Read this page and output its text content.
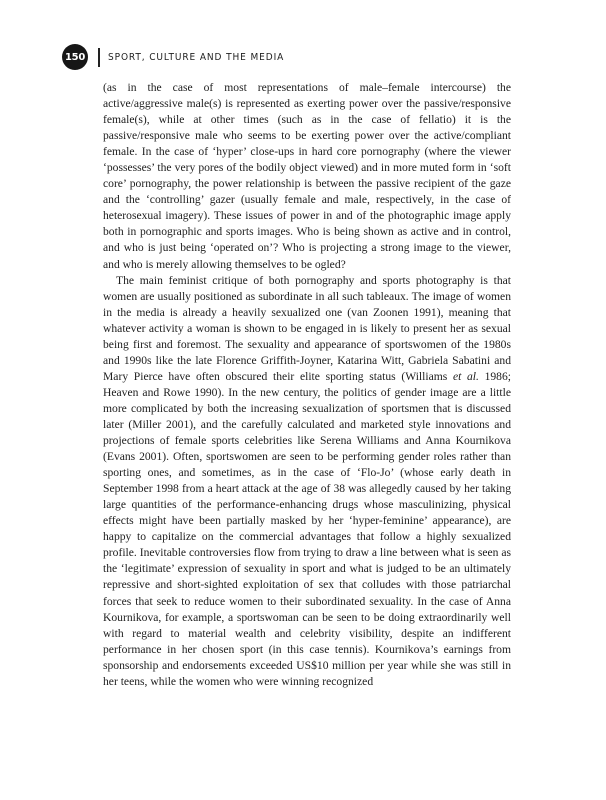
150	SPORT, CULTURE AND THE MEDIA

(as in the case of most representations of male–female intercourse) the active/aggressive male(s) is represented as exerting power over the passive/responsive female(s), while at other times (such as in the case of fellatio) it is the passive/responsive male who seems to be exerting power over the active/compliant female. In the case of ‘hyper’ close-ups in hard core pornography (where the viewer ‘possesses’ the very pores of the bodily object viewed) and in more muted form in ‘soft core’ pornography, the power relationship is between the passive recipient of the gaze and the ‘controlling’ gazer (usually female and male, respectively, in the case of heterosexual imagery). These issues of power in and of the photographic image apply both in pornographic and sports images. Who is being shown as active and in control, and who is just being ‘operated on’? Who is projecting a strong image to the viewer, and who is merely allowing themselves to be ogled?

The main feminist critique of both pornography and sports photography is that women are usually positioned as subordinate in all such tableaux. The image of women in the media is already a heavily sexualized one (van Zoonen 1991), meaning that whatever activity a woman is shown to be engaged in is likely to present her as sexual being first and foremost. The sexuality and appearance of sportswomen of the 1980s and 1990s like the late Florence Griffith-Joyner, Katarina Witt, Gabriela Sabatini and Mary Pierce have often obscured their elite sporting status (Williams et al. 1986; Heaven and Rowe 1990). In the new century, the politics of gender image are a little more complicated by both the increasing sexualization of sportsmen that is discussed later (Miller 2001), and the carefully calculated and marketed style innovations and projections of female sports celebrities like Serena Williams and Anna Kournikova (Evans 2001). Often, sportswomen are seen to be performing gender roles rather than sporting ones, and sometimes, as in the case of ‘Flo-Jo’ (whose early death in September 1998 from a heart attack at the age of 38 was allegedly caused by her taking large quantities of the performance-enhancing drugs whose masculinizing, physical effects might have been partially masked by her ‘hyper-feminine’ appearance), are happy to capitalize on the commercial advantages that follow a highly sexualized profile. Inevitable controversies flow from trying to draw a line between what is seen as the ‘legitimate’ expression of sexuality in sport and what is judged to be an ultimately repressive and short-sighted exploitation of sex that colludes with those patriarchal forces that seek to reduce women to their subordinated sexuality. In the case of Anna Kournikova, for example, a sportswoman can be seen to be doing extraordinarily well with regard to material wealth and celebrity visibility, despite an indifferent performance in her chosen sport (in this case tennis). Kournikova’s earnings from sponsorship and endorsements exceeded US$10 million per year while she was still in her teens, while the women who were winning recognized
